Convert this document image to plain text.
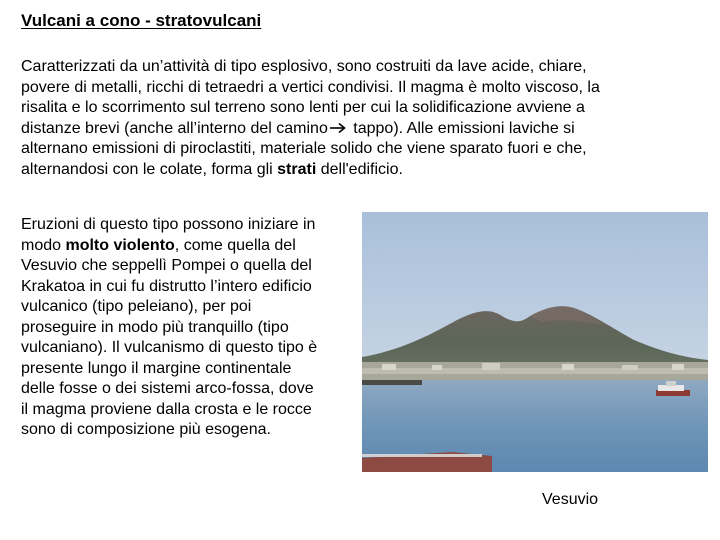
Vulcani a cono - stratovulcani
Caratterizzati da un’attività di tipo esplosivo, sono costruiti da lave acide, chiare,
povere di metalli, ricchi di tetraedri a vertici condivisi. Il magma è molto viscoso, la
risalita e lo scorrimento sul terreno sono lenti per cui la solidificazione avviene a
distanze brevi (anche all’interno del camino tappo). Alle emissioni laviche si
alternano emissioni di piroclastiti, materiale solido che viene sparato fuori e che,
alternandosi con le colate, forma gli strati dell'edificio.
Eruzioni di questo tipo possono iniziare in
modo molto violento, come quella del
Vesuvio che seppellì Pompei o quella del
Krakatoa in cui fu distrutto l’intero edificio
vulcanico (tipo peleiano), per poi
proseguire in modo più tranquillo (tipo
vulcaniano). Il vulcanismo di questo tipo è
presente lungo il margine continentale
delle fosse o dei sistemi arco-fossa, dove
il magma proviene dalla crosta e le rocce
sono di composizione più esogena.
Vesuvio
